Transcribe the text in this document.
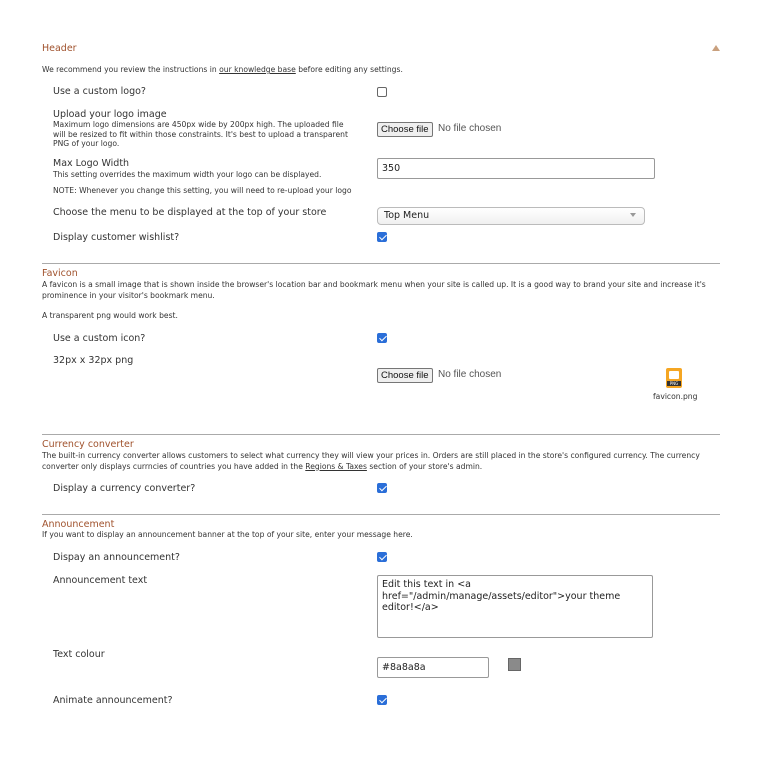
Header
We recommend you review the instructions in our knowledge base before editing any settings.
Use a custom logo?
Upload your logo image
Maximum logo dimensions are 450px wide by 200px high. The uploaded file
will be resized to fit within those constraints. It's best to upload a transparent
PNG of your logo.
Choose file No file chosen
Max Logo Width
This setting overrides the maximum width your logo can be displayed.
350
NOTE: Whenever you change this setting, you will need to re-upload your logo
Choose the menu to be displayed at the top of your store	Top Menu
Display customer wishlist?
Favicon
A favicon is a small image that is shown inside the browser's location bar and bookmark menu when your site is called up. It is a good way to brand your site and increase it's
prominence in your visitor's bookmark menu.
A transparent png would work best.
Use a custom icon?
32px x 32px png
Choose file No file chosen
PNG
favicon.png
Currency converter
The built-in currency converter allows customers to select what currency they will view your prices in. Orders are still placed in the store's configured currency. The currency
converter only displays currncies of countries you have added in the Regions & Taxes section of your store's admin.
Display a currency converter?
Announcement
If you want to display an announcement banner at the top of your site, enter your message here.
Dispay an announcement?
Announcement text	Edit this text in <a href="/admin/manage/assets/editor">your theme editor!</a>
Text colour
#8a8a8a
Animate announcement?
